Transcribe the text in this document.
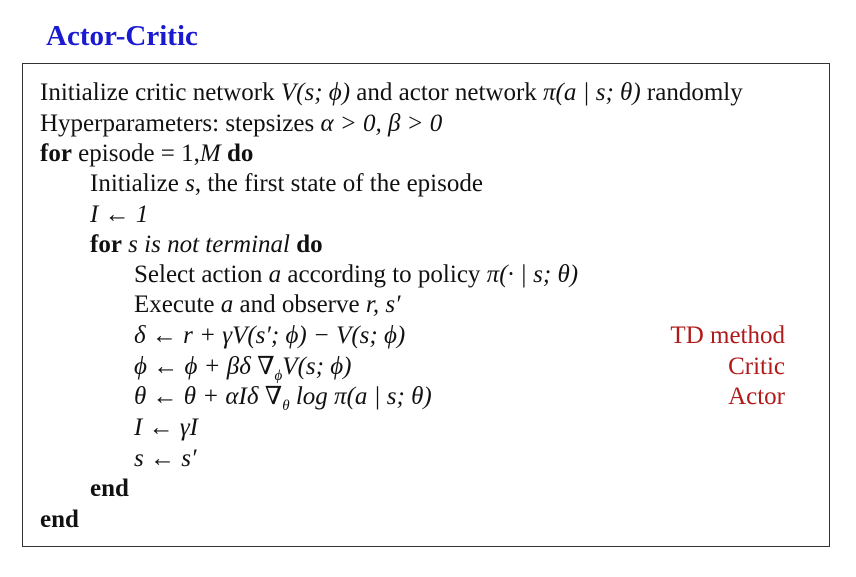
Actor-Critic
Initialize critic network V(s; ϕ) and actor network π(a | s; θ) randomly
Hyperparameters: stepsizes α > 0, β > 0
for episode = 1,M do
Initialize s, the first state of the episode
I ← 1
for s is not terminal do
Select action a according to policy π(· | s; θ)
Execute a and observe r, s′
δ ← r + γV(s′; ϕ) − V(s; ϕ)	TD method
ϕ ← ϕ + βδ $\nabla_\phi V(s$; ϕ)	Critic
θ ← θ + αIδ $\nabla_\theta$ log π(a | s; θ)	Actor
I ← γI
s ← s′
end
end
